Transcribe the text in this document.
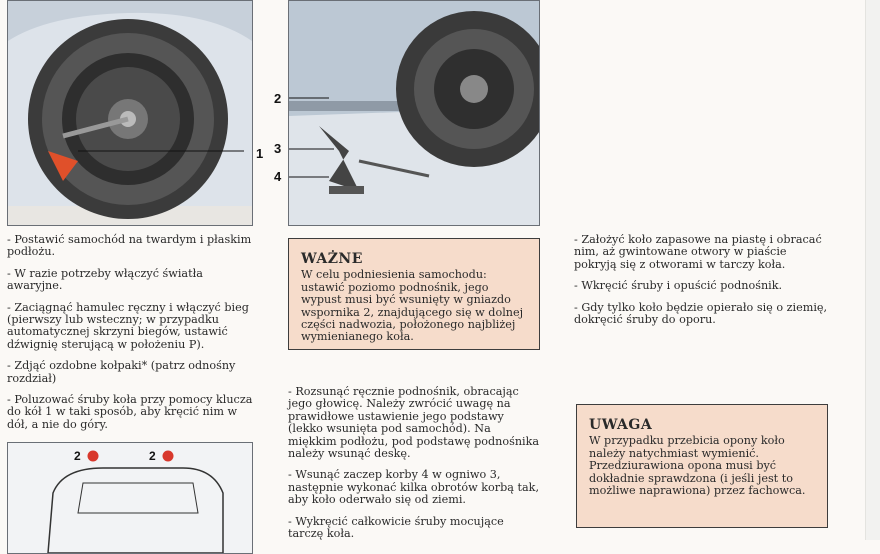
1
2
3
4

- Postawić samochód na twardym i płaskim podłożu.

- W razie potrzeby włączyć światła awaryjne.

- Zaciągnąć hamulec ręczny i włączyć bieg (pierwszy lub wsteczny; w przypadku automatycznej skrzyni biegów, ustawić dźwignię sterującą w położeniu P).

- Zdjąć ozdobne kołpaki* (patrz odnośny rozdział)

- Poluzować śruby koła przy pomocy klucza do kół 1 w taki sposób, aby kręcić nim w dół, a nie do góry.

2	2
WAŻNE
W celu podniesienia samochodu: ustawić poziomo podnośnik, jego wypust musi być wsunięty w gniazdo wspornika 2, znajdującego się w dolnej części nadwozia, położonego najbliżej wymienianego koła.

- Rozsunąć ręcznie podnośnik, obracając jego głowicę. Należy zwrócić uwagę na prawidłowe ustawienie jego podstawy (lekko wsunięta pod samochód). Na miękkim podłożu, pod podstawę podnośnika należy wsunąć deskę.

- Wsunąć zaczep korby 4 w ogniwo 3, następnie wykonać kilka obrotów korbą tak, aby koło oderwało się od ziemi.

- Wykręcić całkowicie śruby mocujące tarczę koła.

- Założyć koło zapasowe na piastę i obracać nim, aż gwintowane otwory w piaście pokryją się z otworami w tarczy koła.

- Wkręcić śruby i opuścić podnośnik.

- Gdy tylko koło będzie opierało się o ziemię, dokręcić śruby do oporu.

UWAGA
W przypadku przebicia opony koło należy natychmiast wymienić. Przedziurawiona opona musi być dokładnie sprawdzona (i jeśli jest to możliwe naprawiona) przez fachowca.
